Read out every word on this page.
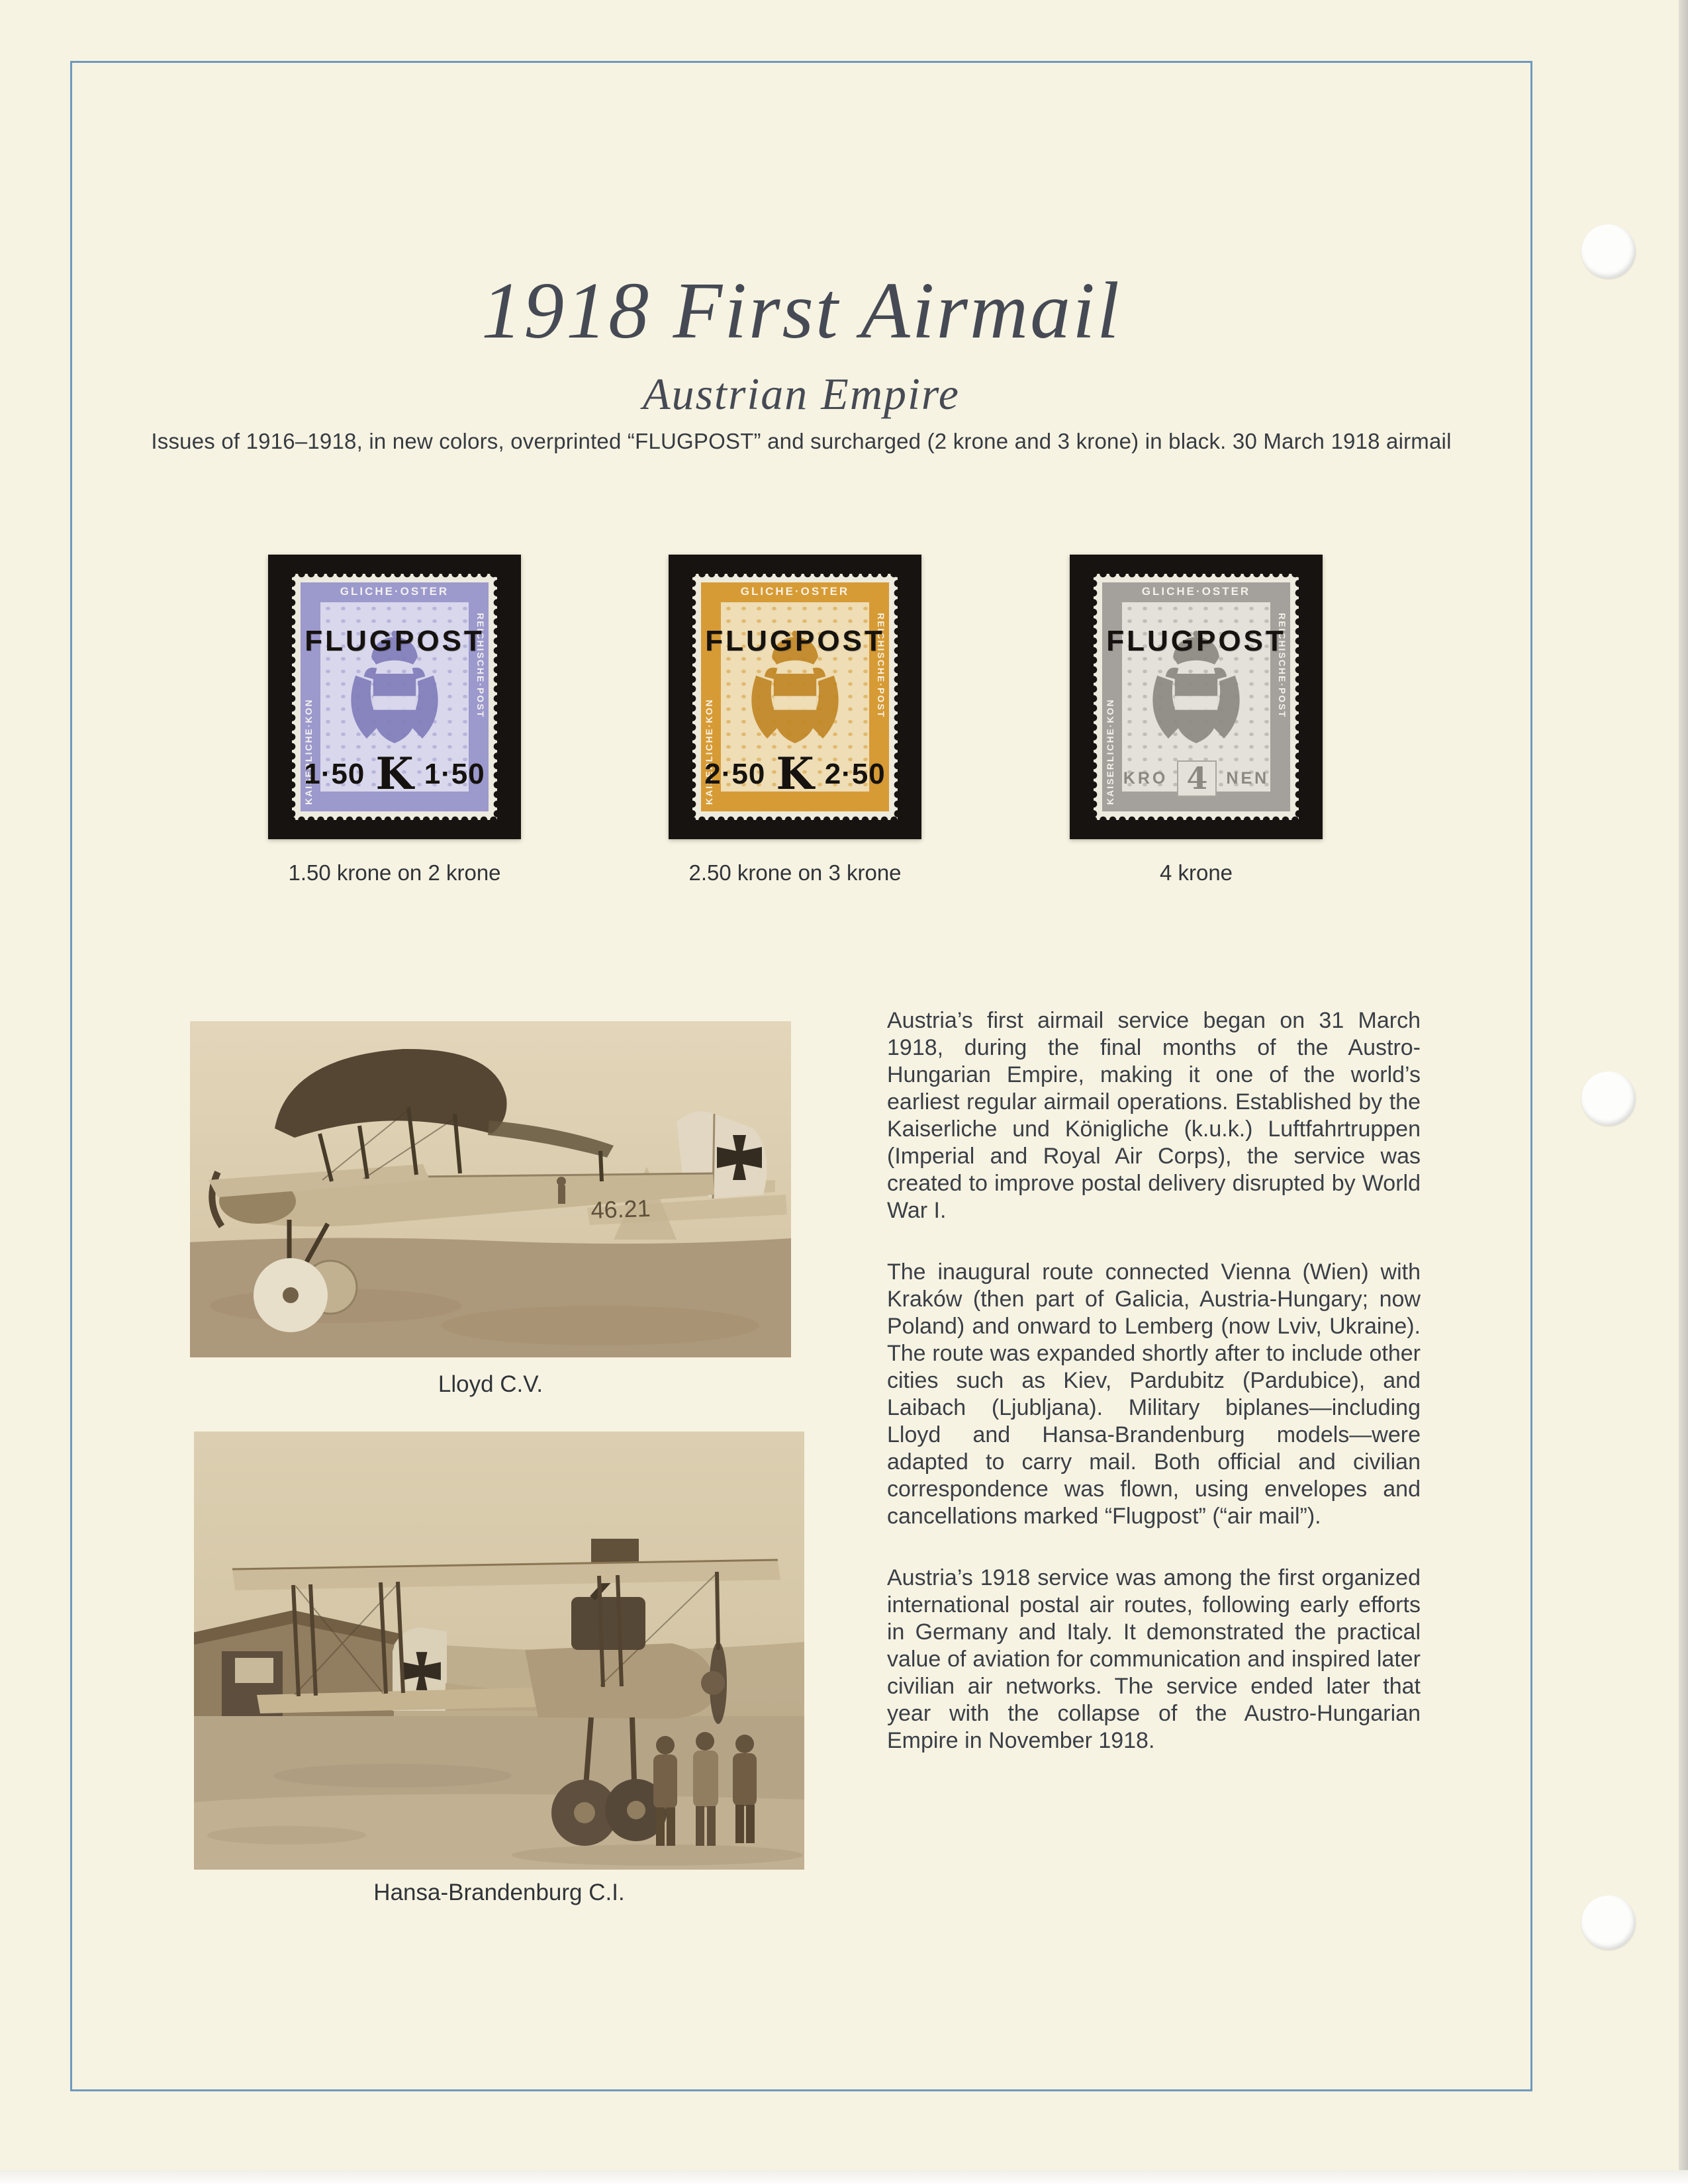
1918 First Airmail
Austrian Empire
Issues of 1916–1918, in new colors, overprinted “FLUGPOST” and surcharged (2 krone and 3 krone) in black. 30 March 1918 airmail
GLICHE·OSTER
KAISERLICHE·KON
REICHISCHE·POST
FLUGPOST
1·50 K 1·50
GLICHE·OSTER
KAISERLICHE·KON
REICHISCHE·POST
FLUGPOST
2·50 K 2·50
GLICHE·OSTER
KAISERLICHE·KON
REICHISCHE·POST
FLUGPOST
KRO 4	NEN
1.50 krone on 2 krone	2.50 krone on 3 krone	4 krone
46.21
Lloyd C.V.
Hansa-Brandenburg C.I.

Austria’s first airmail service began on 31 March 1918, during the final months of the Austro-Hungarian Empire, making it one of the world’s earliest regular airmail operations. Established by the Kaiserliche und Königliche (k.u.k.) Luftfahrtruppen (Imperial and Royal Air Corps), the service was created to improve postal delivery disrupted by World War I.

The inaugural route connected Vienna (Wien) with Kraków (then part of Galicia, Austria-Hungary; now Poland) and onward to Lemberg (now Lviv, Ukraine). The route was expanded shortly after to include other cities such as Kiev, Pardubitz (Pardubice), and Laibach (Ljubljana). Military biplanes—including Lloyd and Hansa-Brandenburg models—were adapted to carry mail. Both official and civilian correspondence was flown, using envelopes and cancellations marked “Flugpost” (“air mail”).

Austria’s 1918 service was among the first organized international postal air routes, following early efforts in Germany and Italy. It demonstrated the practical value of aviation for communication and inspired later civilian air networks. The service ended later that year with the collapse of the Austro-Hungarian Empire in November 1918.
